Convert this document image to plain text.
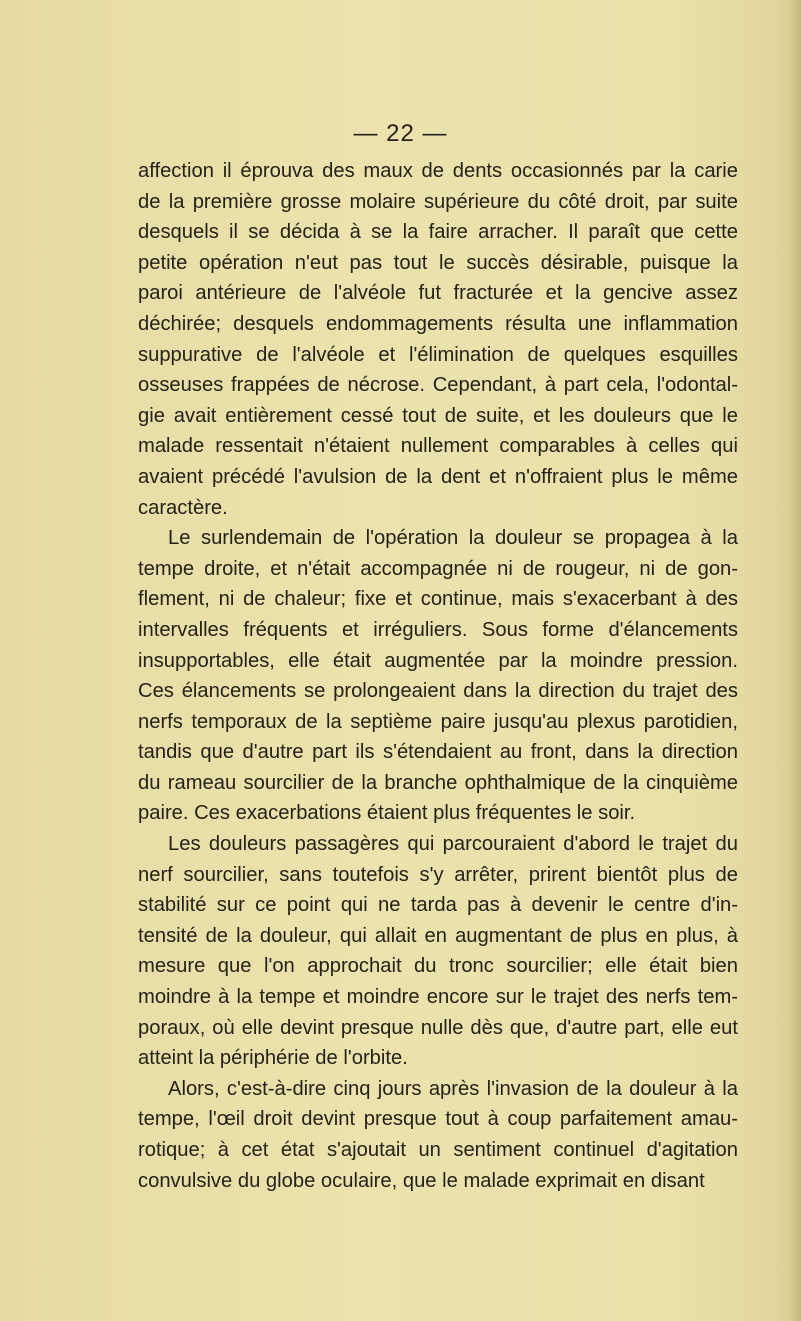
— 22 —
affection il éprouva des maux de dents occasionnés par la carie
de la première grosse molaire supérieure du côté droit, par suite
desquels il se décida à se la faire arracher. Il paraît que cette
petite opération n'eut pas tout le succès désirable, puisque la
paroi antérieure de l'alvéole fut fracturée et la gencive assez
déchirée; desquels endommagements résulta une inflammation
suppurative de l'alvéole et l'élimination de quelques esquilles
osseuses frappées de nécrose. Cependant, à part cela, l'odontal-
gie avait entièrement cessé tout de suite, et les douleurs que le
malade ressentait n'étaient nullement comparables à celles qui
avaient précédé l'avulsion de la dent et n'offraient plus le même
caractère.
Le surlendemain de l'opération la douleur se propagea à la
tempe droite, et n'était accompagnée ni de rougeur, ni de gon-
flement, ni de chaleur; fixe et continue, mais s'exacerbant à des
intervalles fréquents et irréguliers. Sous forme d'élancements
insupportables, elle était augmentée par la moindre pression.
Ces élancements se prolongeaient dans la direction du trajet des
nerfs temporaux de la septième paire jusqu'au plexus parotidien,
tandis que d'autre part ils s'étendaient au front, dans la direction
du rameau sourcilier de la branche ophthalmique de la cinquième
paire. Ces exacerbations étaient plus fréquentes le soir.
Les douleurs passagères qui parcouraient d'abord le trajet du
nerf sourcilier, sans toutefois s'y arrêter, prirent bientôt plus de
stabilité sur ce point qui ne tarda pas à devenir le centre d'in-
tensité de la douleur, qui allait en augmentant de plus en plus, à
mesure que l'on approchait du tronc sourcilier; elle était bien
moindre à la tempe et moindre encore sur le trajet des nerfs tem-
poraux, où elle devint presque nulle dès que, d'autre part, elle eut
atteint la périphérie de l'orbite.
Alors, c'est-à-dire cinq jours après l'invasion de la douleur à la
tempe, l'œil droit devint presque tout à coup parfaitement amau-
rotique; à cet état s'ajoutait un sentiment continuel d'agitation
convulsive du globe oculaire, que le malade exprimait en disant
